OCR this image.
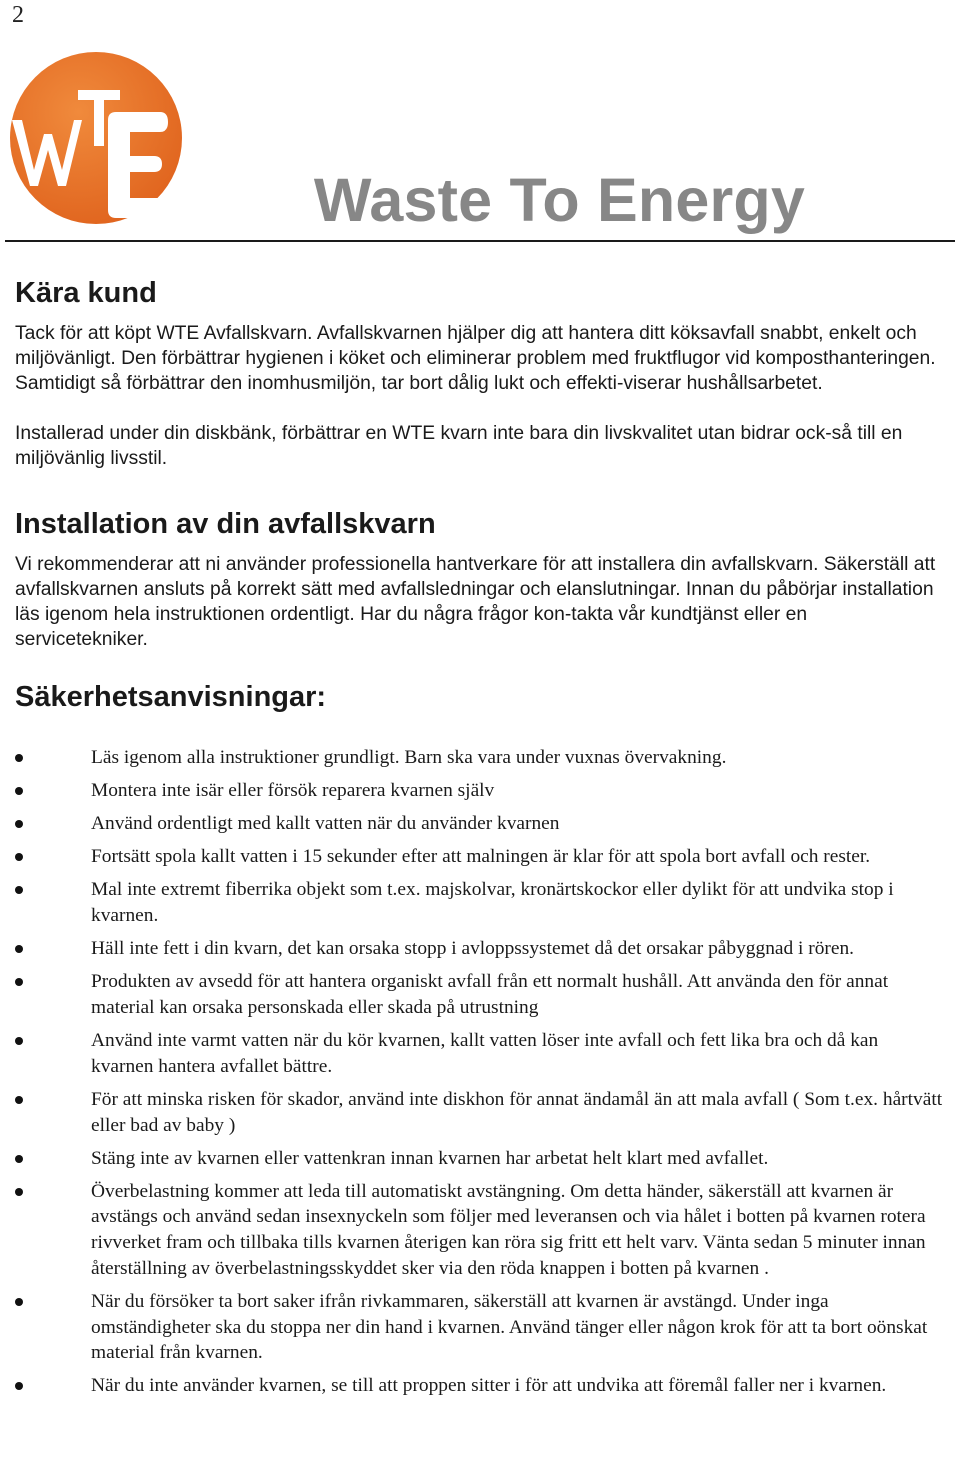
2
Waste To Energy
Kära kund

Tack för att köpt WTE Avfallskvarn. Avfallskvarnen hjälper dig att hantera ditt köksavfall snabbt, enkelt och miljövänligt. Den förbättrar hygienen i köket och eliminerar problem med fruktflugor vid komposthanteringen. Samtidigt så förbättrar den inomhusmiljön, tar bort dålig lukt och effekti-viserar hushållsarbetet.

Installerad under din diskbänk, förbättrar en WTE kvarn inte bara din livskvalitet utan bidrar ock-så till en miljövänlig livsstil.

Installation av din avfallskvarn

Vi rekommenderar att ni använder professionella hantverkare för att installera din avfallskvarn. Säkerställ att avfallskvarnen ansluts på korrekt sätt med avfallsledningar och elanslutningar. Innan du påbörjar installation läs igenom hela instruktionen ordentligt. Har du några frågor kon-takta vår kundtjänst eller en servicetekniker.

Säkerhetsanvisningar:
Läs igenom alla instruktioner grundligt. Barn ska vara under vuxnas övervakning.
Montera inte isär eller försök reparera kvarnen själv
Använd ordentligt med kallt vatten när du använder kvarnen
Fortsätt spola kallt vatten i 15 sekunder efter att malningen är klar för att spola bort avfall och rester.
Mal inte extremt fiberrika objekt som t.ex. majskolvar, kronärtskockor eller dylikt för att undvika stop i kvarnen.
Häll inte fett i din kvarn, det kan orsaka stopp i avloppssystemet då det orsakar påbyggnad i rören.
Produkten av avsedd för att hantera organiskt avfall från ett normalt hushåll. Att använda den för annat material kan orsaka personskada eller skada på utrustning
Använd inte varmt vatten när du kör kvarnen, kallt vatten löser inte avfall och fett lika bra och då kan kvarnen hantera avfallet bättre.
För att minska risken för skador, använd inte diskhon för annat ändamål än att mala avfall ( Som t.ex. hårtvätt eller bad av baby )
Stäng inte av kvarnen eller vattenkran innan kvarnen har arbetat helt klart med avfallet.
Överbelastning kommer att leda till automatiskt avstängning. Om detta händer, säkerställ att kvarnen är avstängs och använd sedan insexnyckeln som följer med leveransen och via hålet i botten på kvarnen rotera rivverket fram och tillbaka tills kvarnen återigen kan röra sig fritt ett helt varv. Vänta sedan 5 minuter innan återställning av överbelastningsskyddet sker via den röda knappen i botten på kvarnen .
När du försöker ta bort saker ifrån rivkammaren, säkerställ att kvarnen är avstängd. Under inga omständigheter ska du stoppa ner din hand i kvarnen. Använd tänger eller någon krok för att ta bort oönskat material från kvarnen.
När du inte använder kvarnen, se till att proppen sitter i för att undvika att föremål faller ner i kvarnen.
